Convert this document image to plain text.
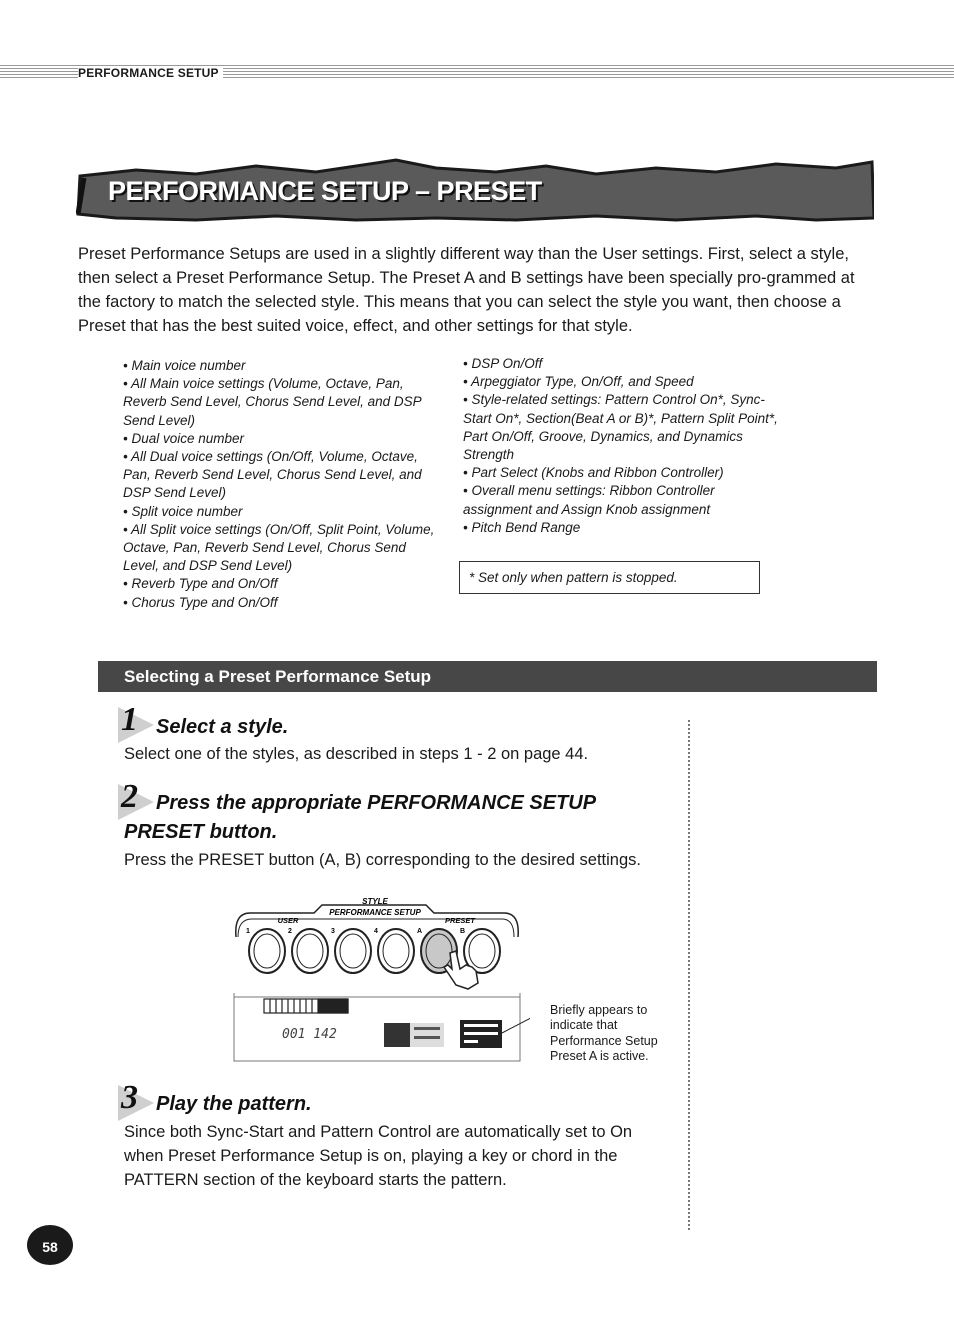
PERFORMANCE SETUP
PERFORMANCE SETUP – PRESET

Preset Performance Setups are used in a slightly different way than the User settings. First, select a style, then select a Preset Performance Setup. The Preset A and B settings have been specially pro-grammed at the factory to match the selected style. This means that you can select the style you want, then choose a Preset that has the best suited voice, effect, and other settings for that style.

• Main voice number
• All Main voice settings (Volume, Octave, Pan, Reverb Send Level, Chorus Send Level, and DSP Send Level)
• Dual voice number
• All Dual voice settings (On/Off, Volume, Octave, Pan, Reverb Send Level, Chorus Send Level, and DSP Send Level)
• Split voice number
• All Split voice settings (On/Off, Split Point, Volume, Octave, Pan, Reverb Send Level, Chorus Send Level, and DSP Send Level)
• Reverb Type and On/Off
• Chorus Type and On/Off
• DSP On/Off
• Arpeggiator Type, On/Off, and Speed
• Style-related settings: Pattern Control On*, Sync-Start On*, Section(Beat A or B)*, Pattern Split Point*, Part On/Off, Groove, Dynamics, and Dynamics Strength
• Part Select (Knobs and Ribbon Controller)
• Overall menu settings: Ribbon Controller assignment and Assign Knob assignment
• Pitch Bend Range
* Set only when pattern is stopped.
Selecting a Preset Performance Setup
1 Select a style.

Select one of the styles, as described in steps 1 - 2 on page 44.

2 Press the appropriate PERFORMANCE SETUP
PRESET button.

Press the PRESET button (A, B) corresponding to the desired settings.

STYLE
PERFORMANCE SETUP
USER	PRESET
1	2	3	4	A	B
001 142
Briefly appears to indicate that Performance Setup Preset A is active.
3 Play the pattern.

Since both Sync-Start and Pattern Control are automatically set to On when Preset Performance Setup is on, playing a key or chord in the PATTERN section of the keyboard starts the pattern.

58
